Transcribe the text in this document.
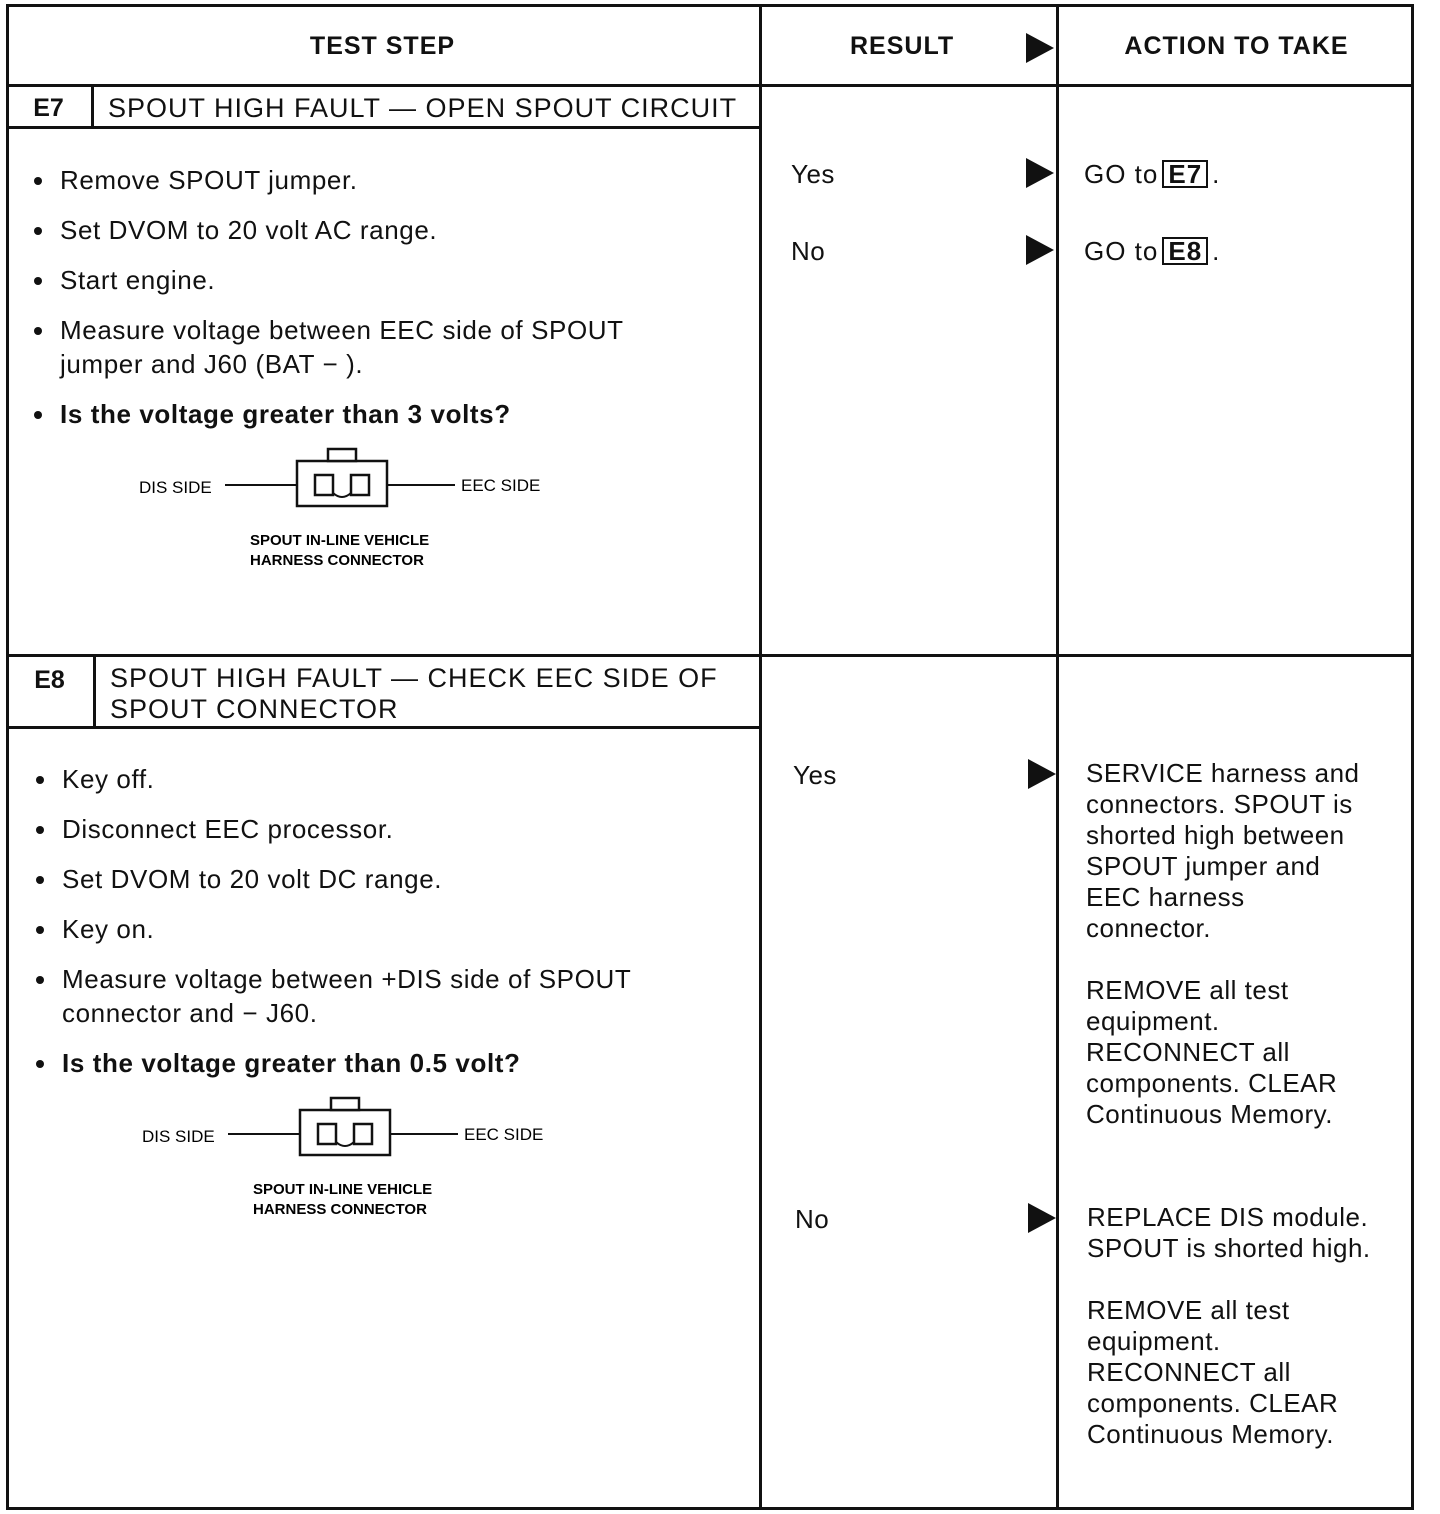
TEST STEP	RESULT	ACTION TO TAKE
E7	SPOUT HIGH FAULT — OPEN SPOUT CIRCUIT
Remove SPOUT jumper.
Set DVOM to 20 volt AC range.
Start engine.
Measure voltage between EEC side of SPOUT jumper and J60 (BAT − ).
Is the voltage greater than 3 volts?
DIS SIDE	EEC SIDE
SPOUT IN-LINE VEHICLE
HARNESS CONNECTOR
Yes	GO to E7 .
No	GO to E8 .
E8	SPOUT HIGH FAULT — CHECK EEC SIDE OF SPOUT CONNECTOR
Key off.
Disconnect EEC processor.
Set DVOM to 20 volt DC range.
Key on.
Measure voltage between +DIS side of SPOUT connector and − J60.
Is the voltage greater than 0.5 volt?
DIS SIDE	EEC SIDE
SPOUT IN-LINE VEHICLE
HARNESS CONNECTOR
Yes	SERVICE harness and
connectors. SPOUT is
shorted high between
SPOUT jumper and
EEC harness
connector.

REMOVE all test
equipment.
RECONNECT all
components. CLEAR
Continuous Memory.
No	REPLACE DIS module.
SPOUT is shorted high.

REMOVE all test
equipment.
RECONNECT all
components. CLEAR
Continuous Memory.
